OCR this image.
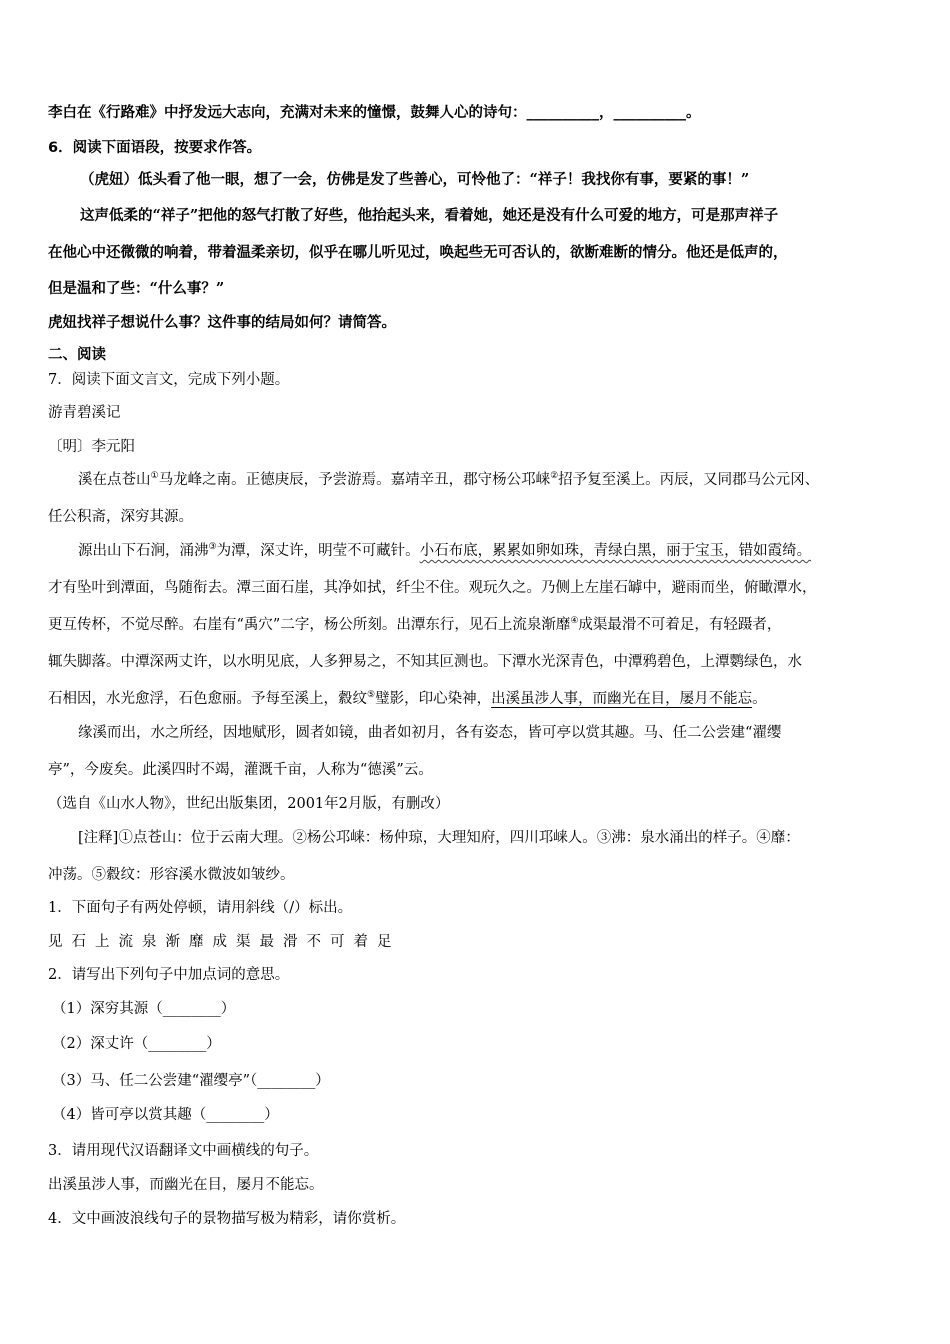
李白在《行路难》中抒发远大志向，充满对未来的憧憬，鼓舞人心的诗句：__________，__________。
6．阅读下面语段，按要求作答。
（虎妞）低头看了他一眼，想了一会，仿佛是发了些善心，可怜他了：“祥子！我找你有事，要紧的事！”
这声低柔的“祥子”把他的怒气打散了好些，他抬起头来，看着她，她还是没有什么可爱的地方，可是那声祥子
在他心中还微微的响着，带着温柔亲切，似乎在哪儿听见过，唤起些无可否认的，欲断难断的情分。他还是低声的，
但是温和了些：“什么事？”
虎妞找祥子想说什么事？这件事的结局如何？请简答。
二、阅读
7．阅读下面文言文，完成下列小题。
游青碧溪记
〔明〕李元阳
溪在点苍山①马龙峰之南。正德庚辰，予尝游焉。嘉靖辛丑，郡守杨公邛崃②招予复至溪上。丙辰，又同郡马公元冈、
任公积斋，深穷其源。
源出山下石涧，涌沸③为潭，深丈许，明莹不可藏针。小石布底，累累如卵如珠，青绿白黑，丽于宝玉，错如霞绮。
才有坠叶到潭面，鸟随衔去。潭三面石崖，其净如拭，纤尘不住。观玩久之。乃侧上左崖石罅中，避雨而坐，俯瞰潭水，
更互传杯，不觉尽醉。右崖有“禹穴”二字，杨公所刻。出潭东行，见石上流泉渐靡④成渠最滑不可着足，有轻蹑者，
辄失脚落。中潭深两丈许，以水明见底，人多狎易之，不知其叵测也。下潭水光深青色，中潭鸦碧色，上潭鹦绿色，水
石相因，水光愈浮，石色愈丽。予每至溪上，縠纹⑤璧影，印心染神，出溪虽涉人事，而幽光在目，屡月不能忘。
缘溪而出，水之所经，因地赋形，圆者如镜，曲者如初月，各有姿态，皆可亭以赏其趣。马、任二公尝建“濯缨
亭”，今废矣。此溪四时不竭，灌溉千亩，人称为“德溪”云。
（选自《山水人物》，世纪出版集团，2001年2月版，有删改）
[注释]①点苍山：位于云南大理。②杨公邛崃：杨仲琼，大理知府，四川邛崃人。③沸：泉水涌出的样子。④靡：
冲荡。⑤縠纹：形容溪水微波如皱纱。
1．下面句子有两处停顿，请用斜线（/）标出。
见石上流泉渐靡成渠最滑不可着足
2．请写出下列句子中加点词的意思。
（1）深穷其源（________）
（2）深丈许（________）
（3）马、任二公尝建“濯缨亭”（________）
（4）皆可亭以赏其趣（________）
3．请用现代汉语翻译文中画横线的句子。
出溪虽涉人事，而幽光在目，屡月不能忘。
4．文中画波浪线句子的景物描写极为精彩，请你赏析。
